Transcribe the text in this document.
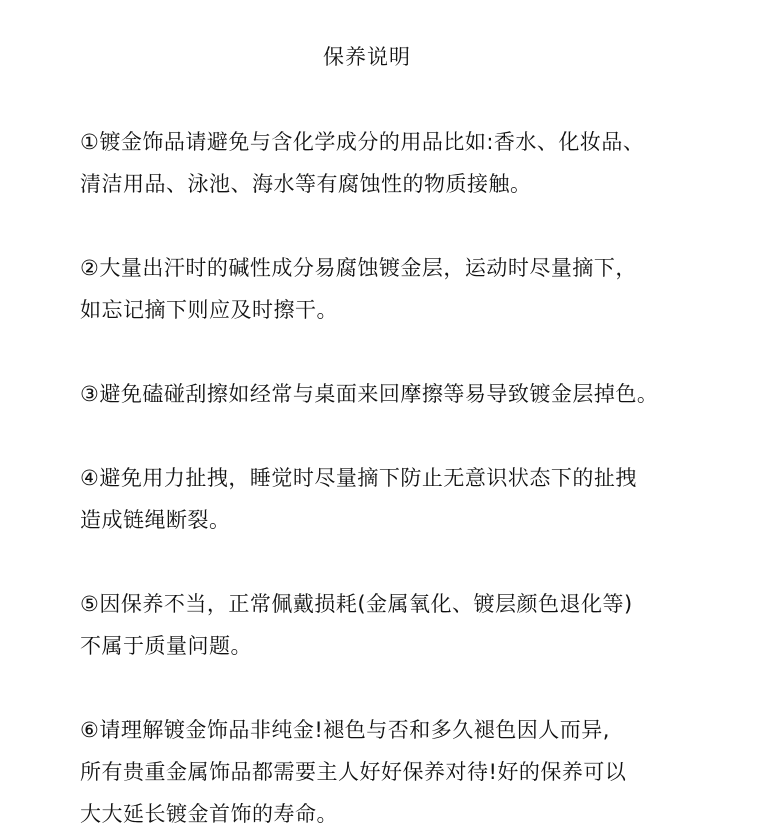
保养说明
①镀金饰品请避免与含化学成分的用品比如:香水、化妆品、
清洁用品、泳池、海水等有腐蚀性的物质接触。
②大量出汗时的碱性成分易腐蚀镀金层，运动时尽量摘下，
如忘记摘下则应及时擦干。
③避免磕碰刮擦如经常与桌面来回摩擦等易导致镀金层掉色。
④避免用力扯拽，睡觉时尽量摘下防止无意识状态下的扯拽
造成链绳断裂。
⑤因保养不当，正常佩戴损耗(金属氧化、镀层颜色退化等)
不属于质量问题。
⑥请理解镀金饰品非纯金!褪色与否和多久褪色因人而异,
所有贵重金属饰品都需要主人好好保养对待!好的保养可以
大大延长镀金首饰的寿命。
